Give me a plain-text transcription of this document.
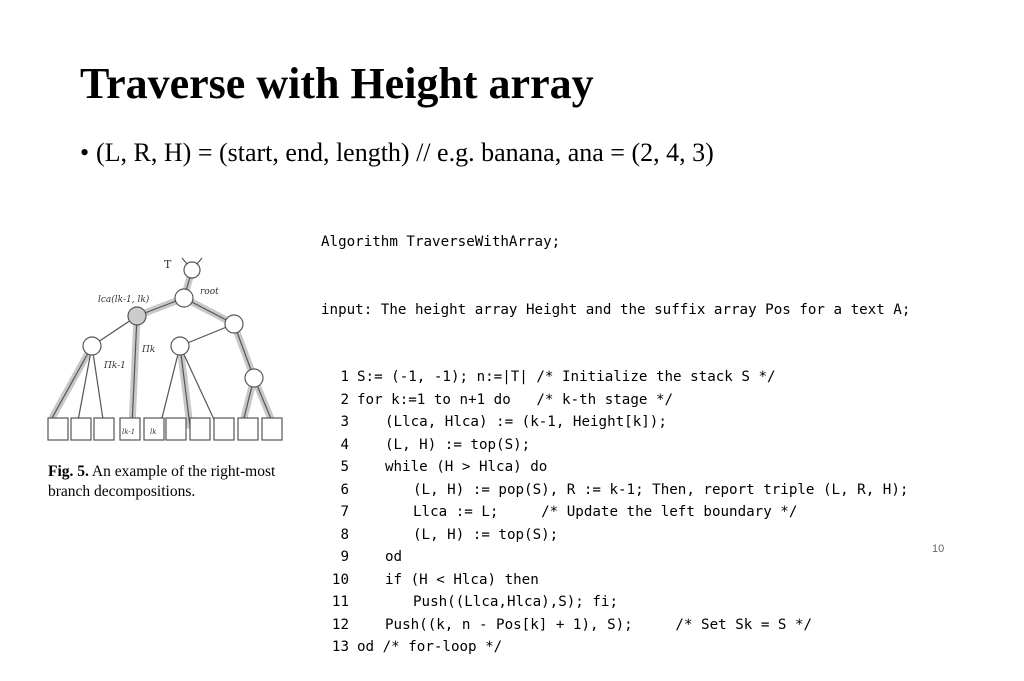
Traverse with Height array
• (L, R, H) = (start, end, length) // e.g. banana, ana = (2, 4, 3)

Algorithm TraverseWithArray;

input: The height array Height and the suffix array Pos for a text A;

1 S:= (-1, -1); n:=|T| /* Initialize the stack S */
2 for k:=1 to n+1 do   /* k-th stage */
3	(Llca, Hlca) := (k-1, Height[k]);
4	(L, H) := top(S);
5	while (H > Hlca) do
6	(L, H) := pop(S), R := k-1; Then, report triple (L, R, H);
7	Llca := L;     /* Update the left boundary */
8	(L, H) := top(S);
9	od
10	if (H < Hlca) then
11	Push((Llca,Hlca),S); fi;
12	Push((k, n - Pos[k] + 1), S);     /* Set Sk = S */
13 od /* for-loop */

T
root
lca(lk-1, lk)
Πk
Πk-1
lk-1 lk
Fig. 5. An example of the right-most branch decompositions.
10
